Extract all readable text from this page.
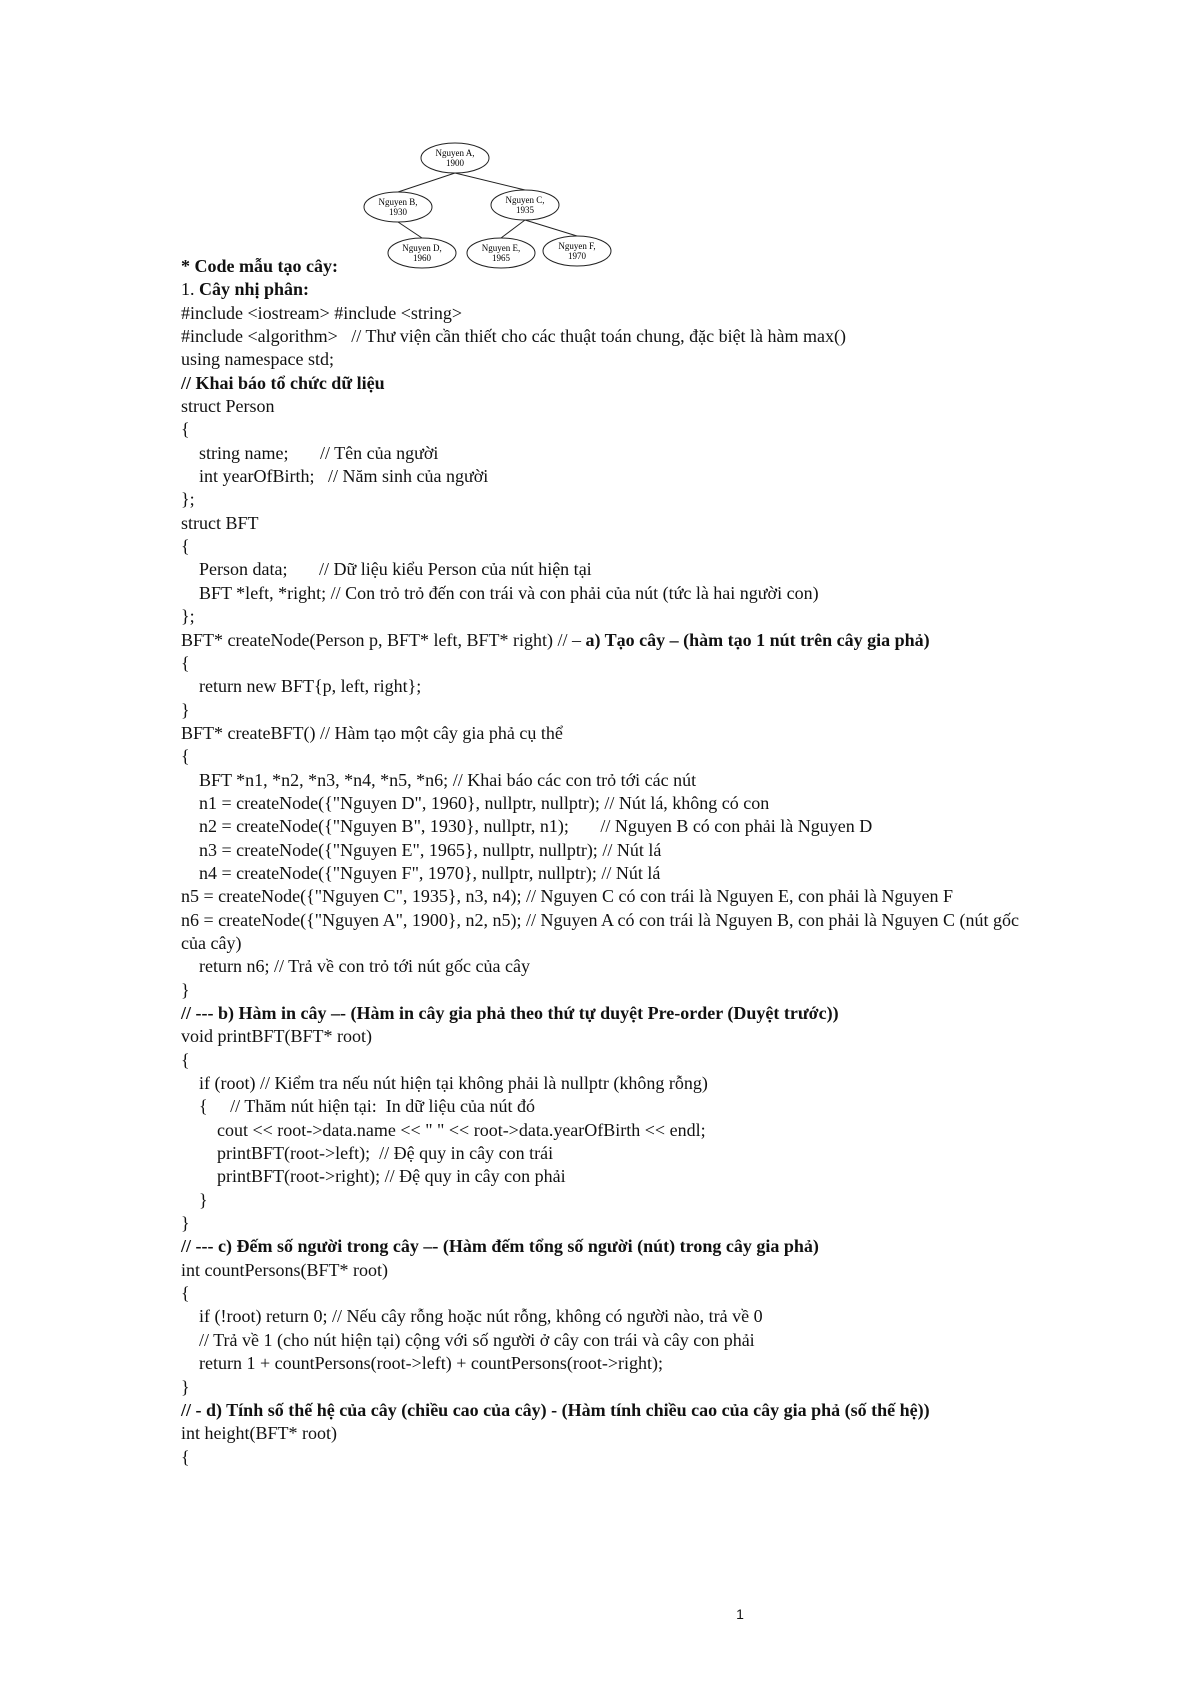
Nguyen A,
1900
Nguyen B,
1930
Nguyen C,
1935
Nguyen D,
1960
Nguyen E,
1965
Nguyen F,
1970
* Code mẫu tạo cây:
1. Cây nhị phân:
#include <iostream> #include <string>
#include <algorithm>   // Thư viện cần thiết cho các thuật toán chung, đặc biệt là hàm max()
using namespace std;
// Khai báo tổ chức dữ liệu
struct Person
{
string name;       // Tên của người
int yearOfBirth;   // Năm sinh của người
};
struct BFT
{
Person data;       // Dữ liệu kiểu Person của nút hiện tại
BFT *left, *right; // Con trỏ trỏ đến con trái và con phải của nút (tức là hai người con)
};
BFT* createNode(Person p, BFT* left, BFT* right) // – a) Tạo cây – (hàm tạo 1 nút trên cây gia phả)
{
return new BFT{p, left, right};
}
BFT* createBFT() // Hàm tạo một cây gia phả cụ thể
{
BFT *n1, *n2, *n3, *n4, *n5, *n6; // Khai báo các con trỏ tới các nút
n1 = createNode({"Nguyen D", 1960}, nullptr, nullptr); // Nút lá, không có con
n2 = createNode({"Nguyen B", 1930}, nullptr, n1);       // Nguyen B có con phải là Nguyen D
n3 = createNode({"Nguyen E", 1965}, nullptr, nullptr); // Nút lá
n4 = createNode({"Nguyen F", 1970}, nullptr, nullptr); // Nút lá
n5 = createNode({"Nguyen C", 1935}, n3, n4); // Nguyen C có con trái là Nguyen E, con phải là Nguyen F
n6 = createNode({"Nguyen A", 1900}, n2, n5); // Nguyen A có con trái là Nguyen B, con phải là Nguyen C (nút gốc của cây)
return n6; // Trả về con trỏ tới nút gốc của cây
}
// --- b) Hàm in cây –- (Hàm in cây gia phả theo thứ tự duyệt Pre-order (Duyệt trước))
void printBFT(BFT* root)
{
if (root) // Kiểm tra nếu nút hiện tại không phải là nullptr (không rỗng)
{     // Thăm nút hiện tại:  In dữ liệu của nút đó
cout << root->data.name << " " << root->data.yearOfBirth << endl;
printBFT(root->left);  // Đệ quy in cây con trái
printBFT(root->right); // Đệ quy in cây con phải
}
}
// --- c) Đếm số người trong cây –- (Hàm đếm tổng số người (nút) trong cây gia phả)
int countPersons(BFT* root)
{
if (!root) return 0; // Nếu cây rỗng hoặc nút rỗng, không có người nào, trả về 0
// Trả về 1 (cho nút hiện tại) cộng với số người ở cây con trái và cây con phải
return 1 + countPersons(root->left) + countPersons(root->right);
}
// - d) Tính số thế hệ của cây (chiều cao của cây) - (Hàm tính chiều cao của cây gia phả (số thế hệ))
int height(BFT* root)
{
1
